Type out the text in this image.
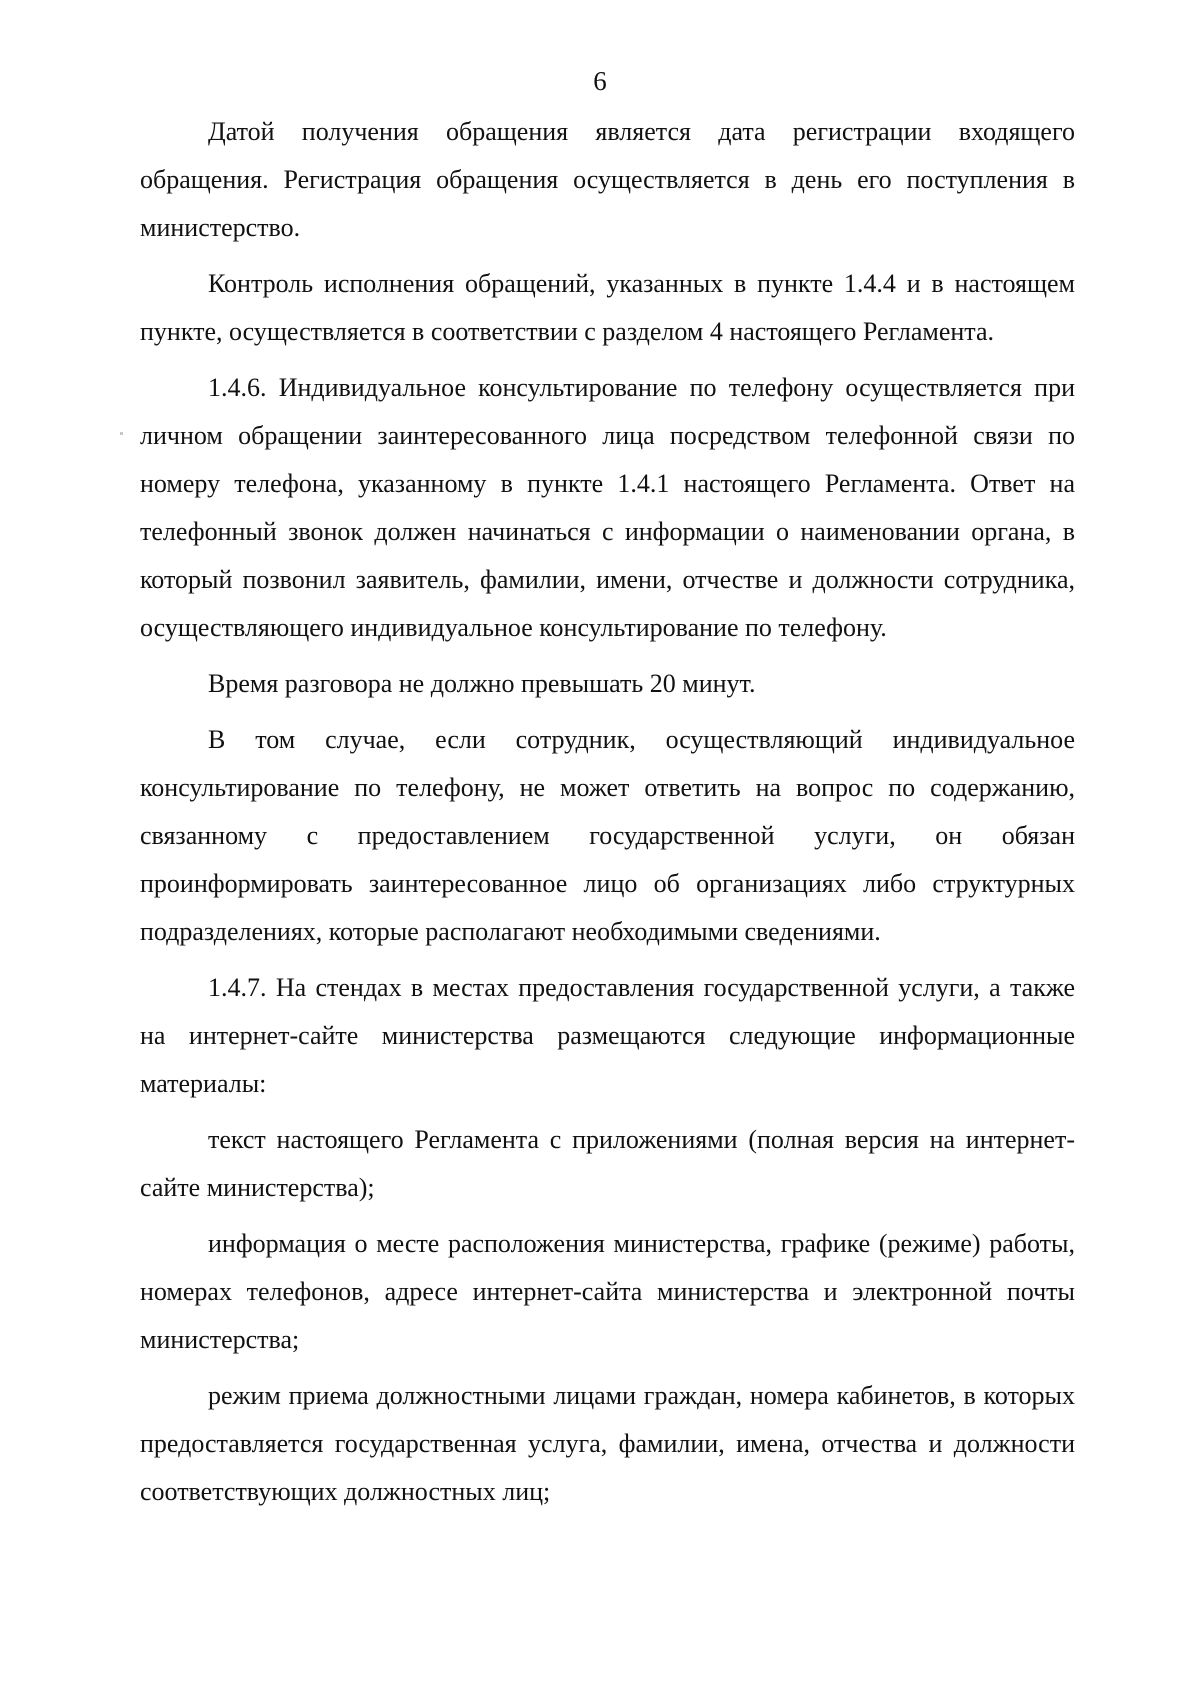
6

Датой получения обращения является дата регистрации входящего обращения. Регистрация обращения осуществляется в день его поступления в министерство.

Контроль исполнения обращений, указанных в пункте 1.4.4 и в настоящем пункте, осуществляется в соответствии с разделом 4 настоящего Регламента.

1.4.6. Индивидуальное консультирование по телефону осуществляется при личном обращении заинтересованного лица посредством телефонной связи по номеру телефона, указанному в пункте 1.4.1 настоящего Регламента. Ответ на телефонный звонок должен начинаться с информации о наименовании органа, в который позвонил заявитель, фамилии, имени, отчестве и должности сотрудника, осуществляющего индивидуальное консультирование по телефону.

Время разговора не должно превышать 20 минут.

В том случае, если сотрудник, осуществляющий индивидуальное консультирование по телефону, не может ответить на вопрос по содержанию, связанному с предоставлением государственной услуги, он обязан проинформировать заинтересованное лицо об организациях либо структурных подразделениях, которые располагают необходимыми сведениями.

1.4.7. На стендах в местах предоставления государственной услуги, а также на интернет-сайте министерства размещаются следующие информационные материалы:

текст настоящего Регламента с приложениями (полная версия на интернет-сайте министерства);

информация о месте расположения министерства, графике (режиме) работы, номерах телефонов, адресе интернет-сайта министерства и электронной почты министерства;

режим приема должностными лицами граждан, номера кабинетов, в которых предоставляется государственная услуга, фамилии, имена, отчества и должности соответствующих должностных лиц;
